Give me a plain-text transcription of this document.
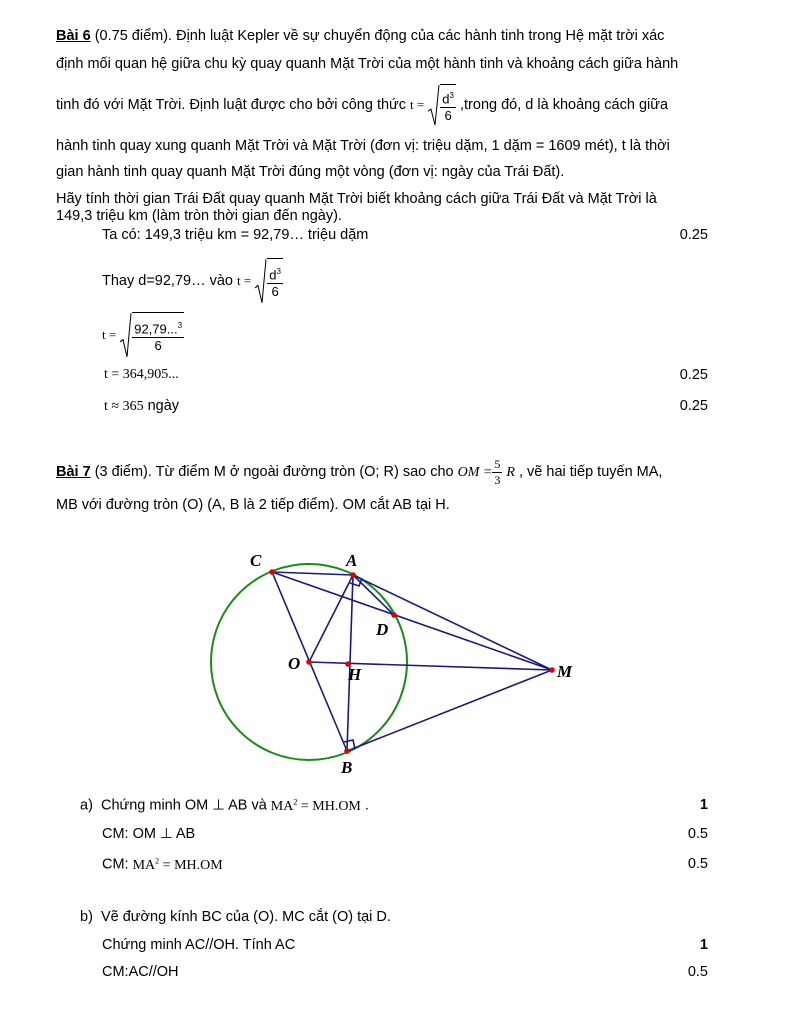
Bài 6 (0.75 điểm). Định luật Kepler về sự chuyển động của các hành tinh trong Hệ mặt trời xác
định mối quan hệ giữa chu kỳ quay quanh Mặt Trời của một hành tinh và khoảng cách giữa hành
tinh đó với Mặt Trời. Định luật được cho bởi công thức $t = \frac{d^3}{6}$ ,trong đó, d là khoảng cách giữa
hành tinh quay xung quanh Mặt Trời và Mặt Trời (đơn vị: triệu dặm, 1 dặm = 1609 mét), t là thời
gian hành tinh quay quanh Mặt Trời đúng một vòng (đơn vị: ngày của Trái Đất).
Hãy tính thời gian Trái Đất quay quanh Mặt Trời biết khoảng cách giữa Trái Đất và Mặt Trời là
149,3 triệu km (làm tròn thời gian đến ngày).
Ta có: 149,3 triệu km = 92,79… triệu dặm	0.25
Thay d=92,79… vào $t = \frac{d^3}{6}$
$t = \frac{92,79...^3}{6}$
t = 364,905...	0.25
t ≈ 365 ngày	0.25
Bài 7 (3 điểm). Từ điểm M ở ngoài đường tròn (O; R) sao cho OM = $\frac{5}{3}$ R , vẽ hai tiếp tuyến MA,
MB với đường tròn (O) (A, B là 2 tiếp điểm). OM cắt AB tại H.
C	A
D
O
H	M
B
a) Chứng minh OM ⊥ AB và $MA^2 = MH.OM$ .	1
CM: OM ⊥ AB	0.5
CM: $MA^2 = MH.OM$	0.5
b) Vẽ đường kính BC của (O). MC cắt (O) tại D.
Chứng minh AC//OH. Tính AC	1
CM:AC//OH	0.5
